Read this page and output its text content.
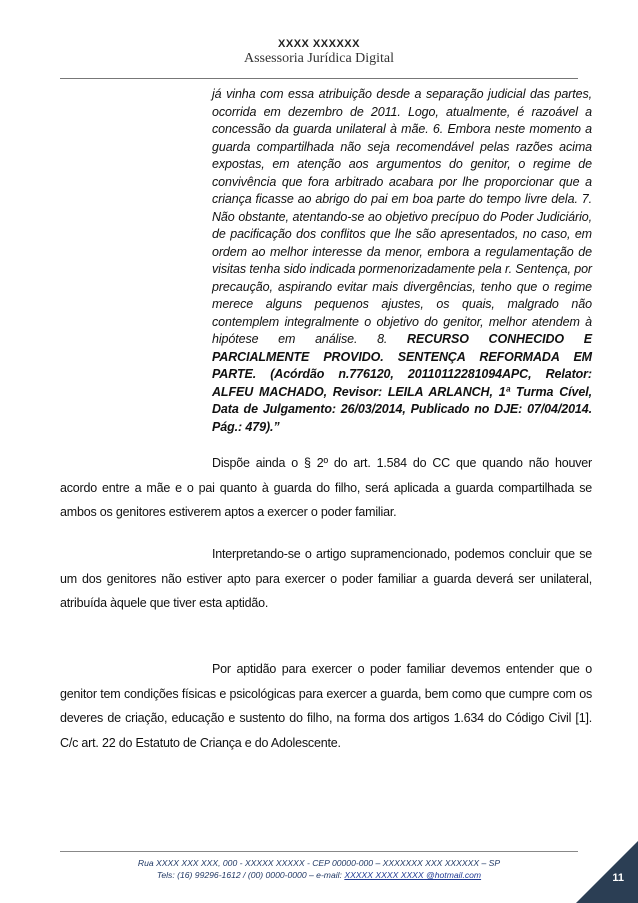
XXXX XXXXXX
Assessoria Jurídica Digital
já vinha com essa atribuição desde a separação judicial das partes, ocorrida em dezembro de 2011. Logo, atualmente, é razoável a concessão da guarda unilateral à mãe. 6. Embora neste momento a guarda compartilhada não seja recomendável pelas razões acima expostas, em atenção aos argumentos do genitor, o regime de convivência que fora arbitrado acabara por lhe proporcionar que a criança ficasse ao abrigo do pai em boa parte do tempo livre dela. 7. Não obstante, atentando-se ao objetivo precípuo do Poder Judiciário, de pacificação dos conflitos que lhe são apresentados, no caso, em ordem ao melhor interesse da menor, embora a regulamentação de visitas tenha sido indicada pormenorizadamente pela r. Sentença, por precaução, aspirando evitar mais divergências, tenho que o regime merece alguns pequenos ajustes, os quais, malgrado não contemplem integralmente o objetivo do genitor, melhor atendem à hipótese em análise. 8. RECURSO CONHECIDO E PARCIALMENTE PROVIDO. SENTENÇA REFORMADA EM PARTE. (Acórdão n.776120, 20110112281094APC, Relator: ALFEU MACHADO, Revisor: LEILA ARLANCH, 1ª Turma Cível, Data de Julgamento: 26/03/2014, Publicado no DJE: 07/04/2014. Pág.: 479).”
Dispõe ainda o § 2º do art. 1.584 do CC que quando não houver acordo entre a mãe e o pai quanto à guarda do filho, será aplicada a guarda compartilhada se ambos os genitores estiverem aptos a exercer o poder familiar.
Interpretando-se o artigo supramencionado, podemos concluir que se um dos genitores não estiver apto para exercer o poder familiar a guarda deverá ser unilateral, atribuída àquele que tiver esta aptidão.
Por aptidão para exercer o poder familiar devemos entender que o genitor tem condições físicas e psicológicas para exercer a guarda, bem como que cumpre com os deveres de criação, educação e sustento do filho, na forma dos artigos 1.634 do Código Civil [1]. C/c art. 22 do Estatuto de Criança e do Adolescente.
Rua XXXX XXX XXX, 000 - XXXXX XXXXX - CEP 00000-000 – XXXXXXX XXX XXXXXX – SP
Tels: (16) 99296-1612 / (00) 0000-0000 – e-mail: XXXXX XXXX XXXX @hotmail.com	11
